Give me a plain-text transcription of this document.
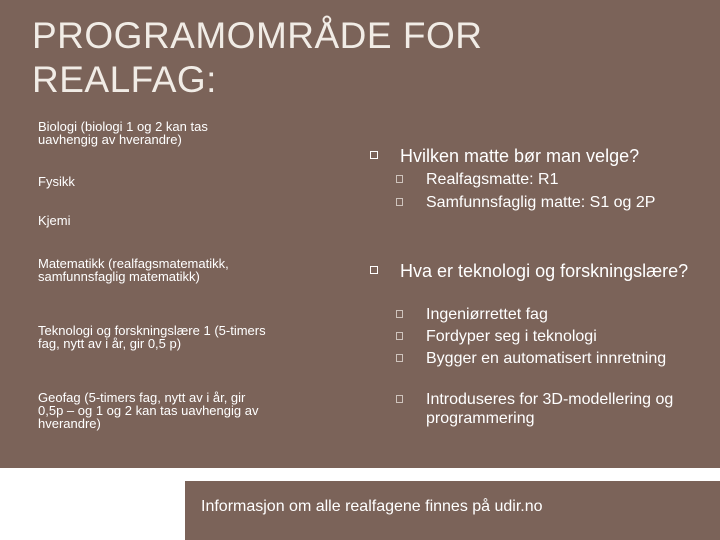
PROGRAMOMRÅDE FOR REALFAG:
Biologi (biologi 1 og 2 kan tas uavhengig av hverandre)
Fysikk
Kjemi
Matematikk (realfagsmatematikk, samfunnsfaglig matematikk)
Teknologi og forskningslære 1 (5-timers fag, nytt av i år, gir 0,5 p)
Geofag (5-timers fag, nytt av i år, gir 0,5p – og 1 og 2 kan tas uavhengig av hverandre)
Hvilken matte bør man velge?
Realfagsmatte: R1
Samfunnsfaglig matte: S1 og 2P
Hva er teknologi og forskningslære?
Ingeniørrettet fag
Fordyper seg i teknologi
Bygger en automatisert innretning
Introduseres for 3D-modellering og programmering
Informasjon om alle realfagene finnes på udir.no
